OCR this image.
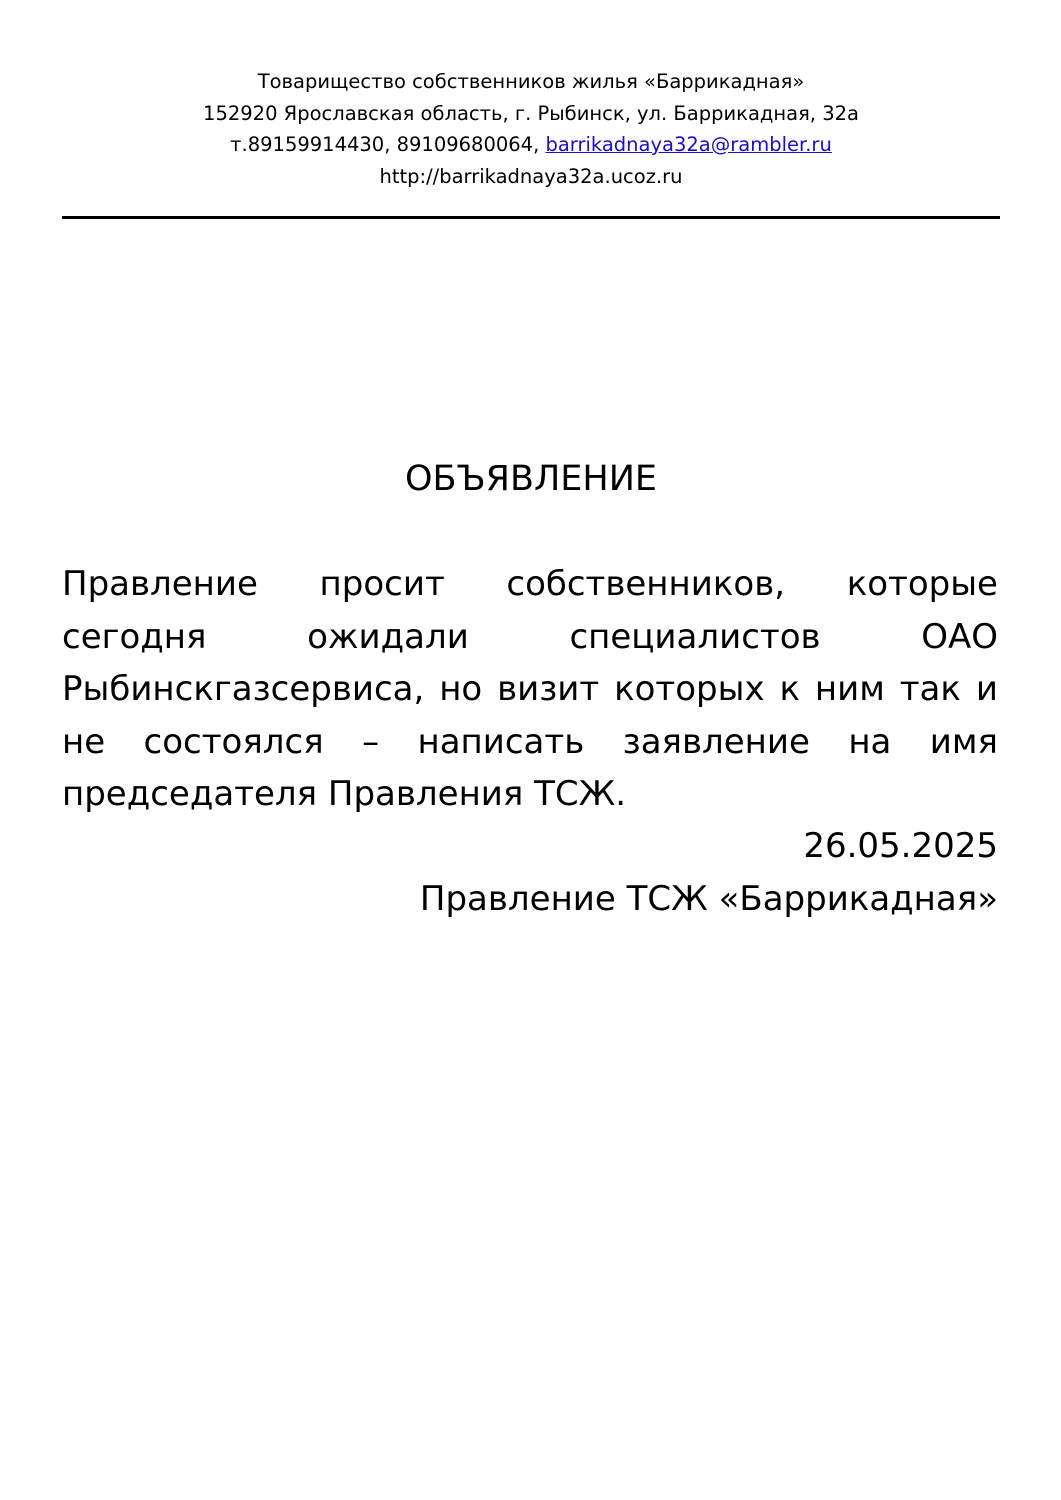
Товарищество собственников жилья «Баррикадная»
152920 Ярославская область, г. Рыбинск, ул. Баррикадная, 32а
т.89159914430, 89109680064, barrikadnaya32a@rambler.ru
http://barrikadnaya32a.ucoz.ru
ОБЪЯВЛЕНИЕ
Правление просит собственников, которые
сегодня	ожидали	специалистов	ОАО
Рыбинскгазсервиса, но визит которых к ним так и
не состоялся – написать заявление на имя
председателя Правления ТСЖ.
26.05.2025
Правление ТСЖ «Баррикадная»
